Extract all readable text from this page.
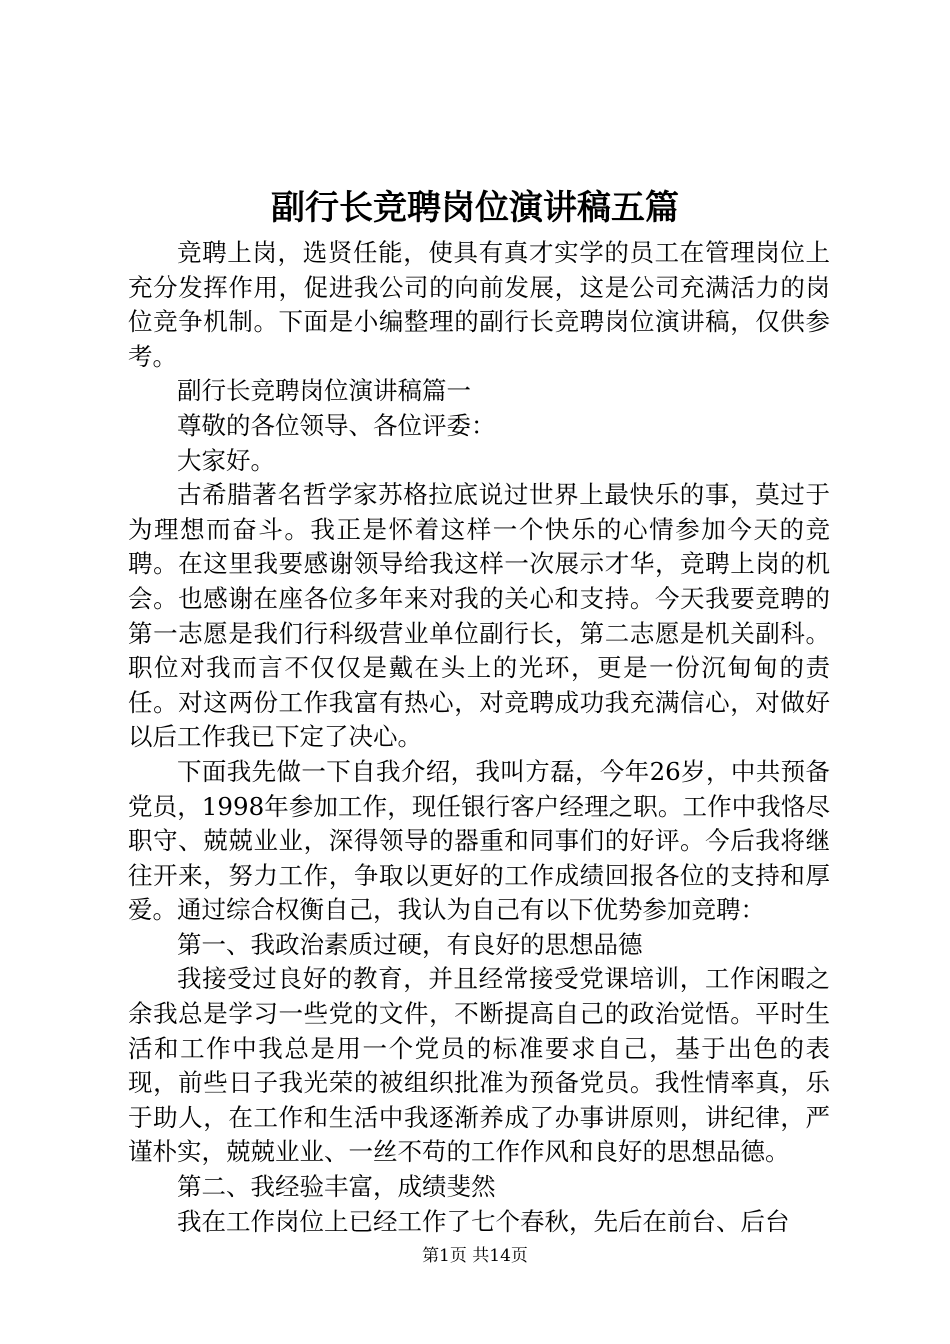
副行长竞聘岗位演讲稿五篇

竞聘上岗，选贤任能，使具有真才实学的员工在管理岗位上充分发挥作用，促进我公司的向前发展，这是公司充满活力的岗位竞争机制。下面是小编整理的副行长竞聘岗位演讲稿，仅供参考。

副行长竞聘岗位演讲稿篇一

尊敬的各位领导、各位评委：

大家好。

古希腊著名哲学家苏格拉底说过世界上最快乐的事，莫过于为理想而奋斗。我正是怀着这样一个快乐的心情参加今天的竞聘。在这里我要感谢领导给我这样一次展示才华，竞聘上岗的机会。也感谢在座各位多年来对我的关心和支持。今天我要竞聘的第一志愿是我们行科级营业单位副行长，第二志愿是机关副科。职位对我而言不仅仅是戴在头上的光环，更是一份沉甸甸的责任。对这两份工作我富有热心，对竞聘成功我充满信心，对做好以后工作我已下定了决心。

下面我先做一下自我介绍，我叫方磊，今年26岁，中共预备党员，1998年参加工作，现任银行客户经理之职。工作中我恪尽职守、兢兢业业，深得领导的器重和同事们的好评。今后我将继往开来，努力工作，争取以更好的工作成绩回报各位的支持和厚爱。通过综合权衡自己，我认为自己有以下优势参加竞聘：

第一、我政治素质过硬，有良好的思想品德

我接受过良好的教育，并且经常接受党课培训，工作闲暇之余我总是学习一些党的文件，不断提高自己的政治觉悟。平时生活和工作中我总是用一个党员的标准要求自己，基于出色的表现，前些日子我光荣的被组织批准为预备党员。我性情率真，乐于助人，在工作和生活中我逐渐养成了办事讲原则，讲纪律，严谨朴实，兢兢业业、一丝不苟的工作作风和良好的思想品德。

第二、我经验丰富，成绩斐然

我在工作岗位上已经工作了七个春秋，先后在前台、后台

第1页 共14页
